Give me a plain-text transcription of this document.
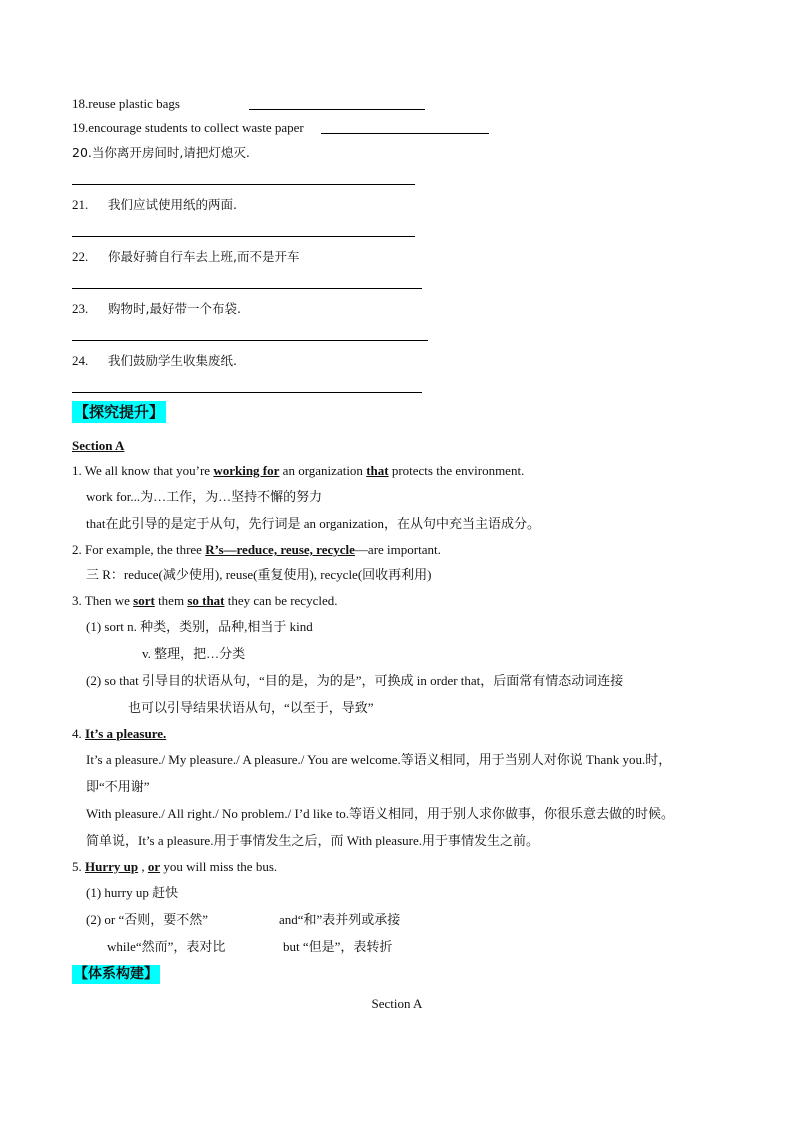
18.reuse plastic bags
19.encourage students to collect waste paper
20.当你离开房间时,请把灯熄灭.
21. 我们应试使用纸的两面.
22. 你最好骑自行车去上班,而不是开车
23. 购物时,最好带一个布袋.
24. 我们鼓励学生收集废纸.
【探究提升】
Section A
1. We all know that you’re working for an organization that protects the environment.
work for...为…工作，为…坚持不懈的努力
that在此引导的是定于从句，先行词是 an organization，在从句中充当主语成分。
2. For example, the three R’s—reduce, reuse, recycle—are important.
三 R：reduce(减少使用), reuse(重复使用), recycle(回收再利用)
3. Then we sort them so that they can be recycled.
(1) sort n. 种类，类别，品种,相当于 kind
v. 整理，把…分类
(2) so that 引导目的状语从句，“目的是，为的是”，可换成 in order that，后面常有情态动词连接
也可以引导结果状语从句，“以至于，导致”
4. It’s a pleasure.
It’s a pleasure./ My pleasure./ A pleasure./ You are welcome.等语义相同，用于当别人对你说 Thank you.时，
即“不用谢”
With pleasure./ All right./ No problem./ I’d like to.等语义相同，用于别人求你做事，你很乐意去做的时候。
简单说，It’s a pleasure.用于事情发生之后，而 With pleasure.用于事情发生之前。
5. Hurry up , or you will miss the bus.
(1) hurry up 赶快
(2) or “否则，要不然”	and“和”表并列或承接
while“然而”，表对比	but “但是”，表转折
【体系构建】
Section A
